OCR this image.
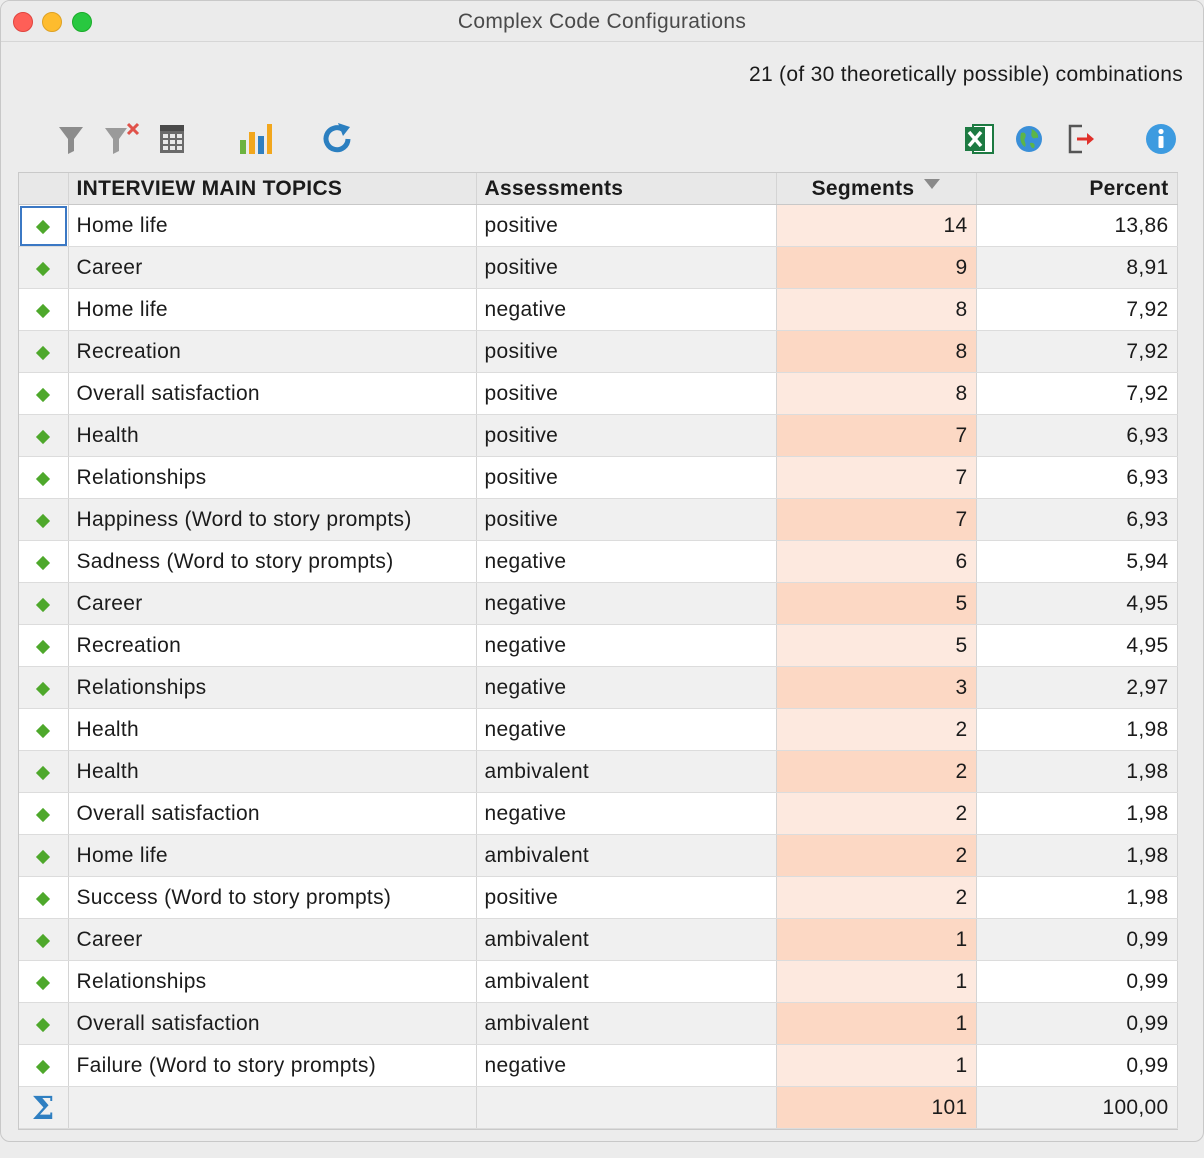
Complex Code Configurations
21 (of 30 theoretically possible) combinations
	INTERVIEW MAIN TOPICS	Assessments	Segments	Percent
	Home life	positive	14	13,86
	Career	positive	9	8,91
	Home life	negative	8	7,92
	Recreation	positive	8	7,92
	Overall satisfaction	positive	8	7,92
	Health	positive	7	6,93
	Relationships	positive	7	6,93
	Happiness (Word to story prompts)	positive	7	6,93
	Sadness (Word to story prompts)	negative	6	5,94
	Career	negative	5	4,95
	Recreation	negative	5	4,95
	Relationships	negative	3	2,97
	Health	negative	2	1,98
	Health	ambivalent	2	1,98
	Overall satisfaction	negative	2	1,98
	Home life	ambivalent	2	1,98
	Success (Word to story prompts)	positive	2	1,98
	Career	ambivalent	1	0,99
	Relationships	ambivalent	1	0,99
	Overall satisfaction	ambivalent	1	0,99
	Failure (Word to story prompts)	negative	1	0,99
Σ			101	100,00
